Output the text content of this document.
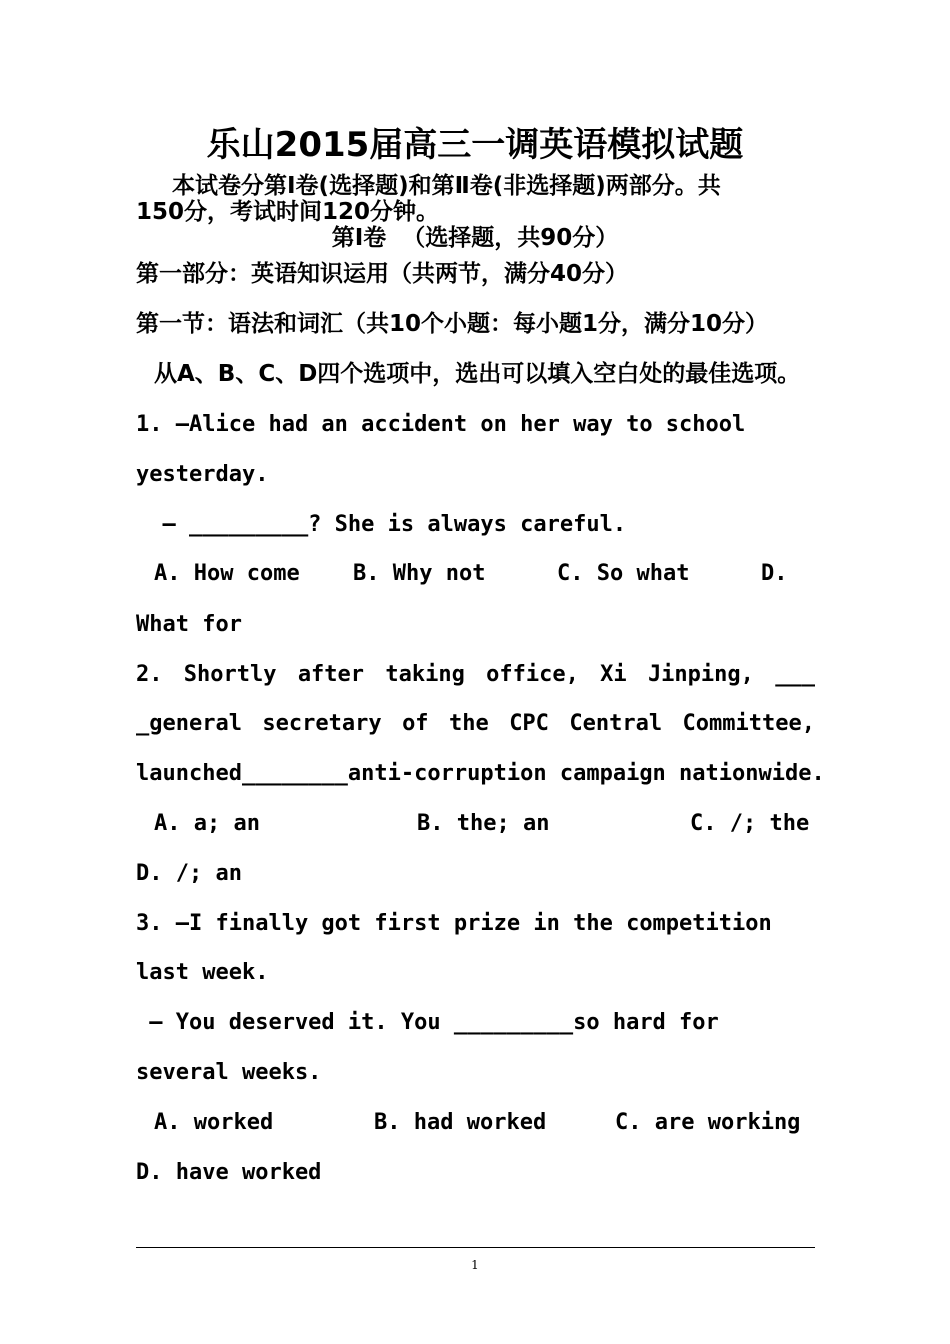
乐山2015届高三一调英语模拟试题
本试卷分第Ⅰ卷(选择题)和第Ⅱ卷(非选择题)两部分。共
150分，考试时间120分钟。
第Ⅰ卷  （选择题，共90分）
第一部分：英语知识运用（共两节，满分40分）
第一节：语法和词汇（共10个小题：每小题1分，满分10分）
从A、B、C、D四个选项中，选出可以填入空白处的最佳选项。
1. —Alice had an accident on her way to school
yesterday.
— _________? She is always careful.
A. How come B. Why not	C. So what	D.
What for
2. Shortly after taking office, Xi Jinping, ___
_general secretary of the CPC Central Committee,
launched________anti-corruption campaign nationwide.
A. a; an	B. the; an	C. /; the
D. /; an
3. —I finally got first prize in the competition
last week.
— You deserved it. You _________so hard for
several weeks.
A. worked	B. had worked	C. are working
D. have worked
1
